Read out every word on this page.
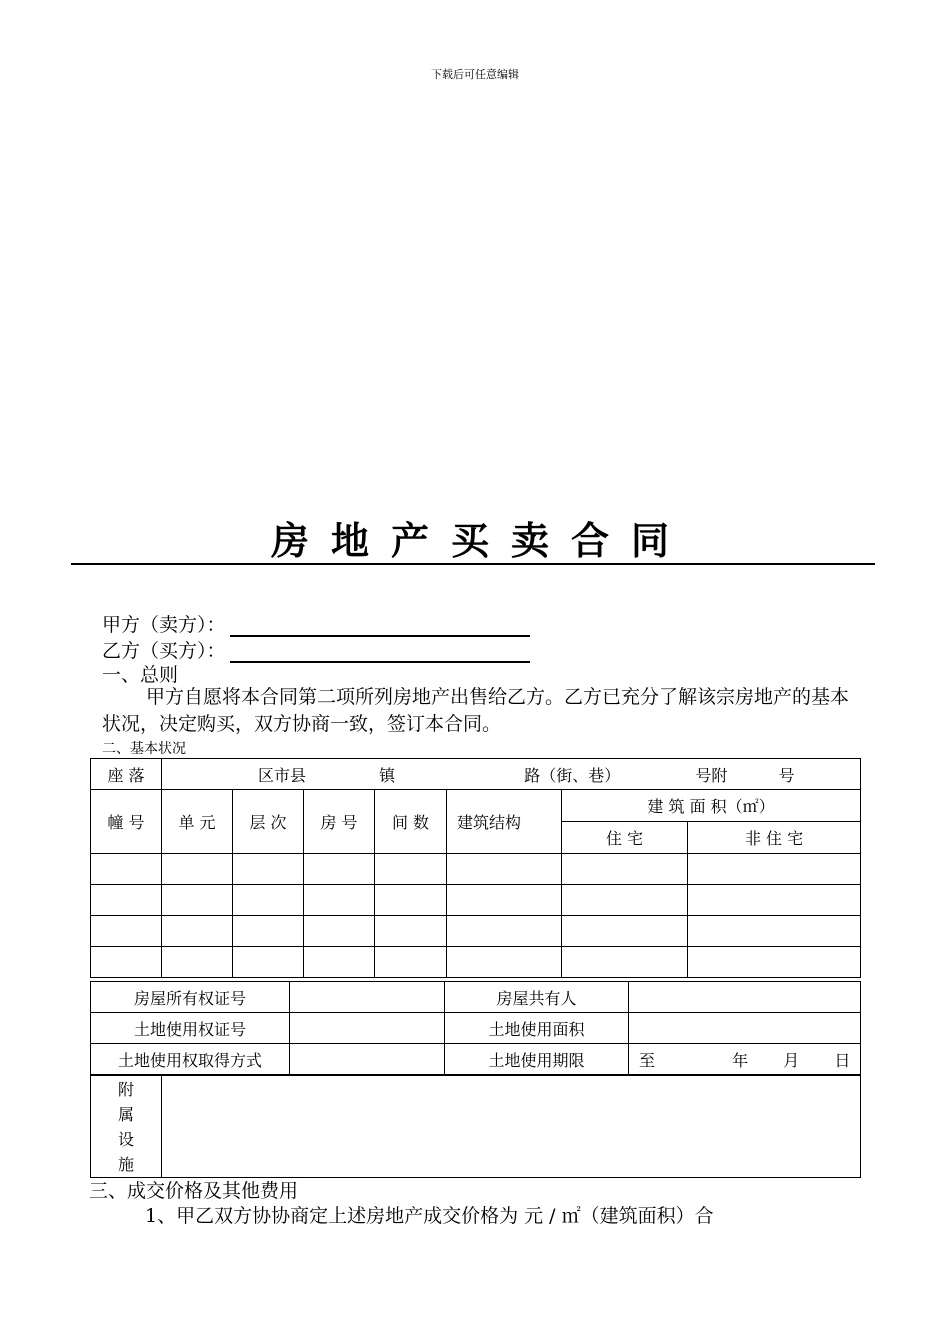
下载后可任意编辑
房地产买卖合同
甲方（卖方）：
乙方（买方）：
一、总则
甲方自愿将本合同第二项所列房地产出售给乙方。乙方已充分了解该宗房地产的基本状况，决定购买，双方协商一致，签订本合同。
二、基本状况
座 落	区市县 镇 路（街、巷） 号附 号						
幢 号	单 元	层 次	房 号	间 数	建筑结构	建 筑 面 积（㎡）	
						住 宅	非 住 宅

房屋所有权证号		房屋共有人	
土地使用权证号		土地使用面积	
土地使用权取得方式		土地使用期限	至 年 月 日
附
属
设
施

三、成交价格及其他费用
1、甲乙双方协协商定上述房地产成交价格为 元 / ㎡（建筑面积）合
